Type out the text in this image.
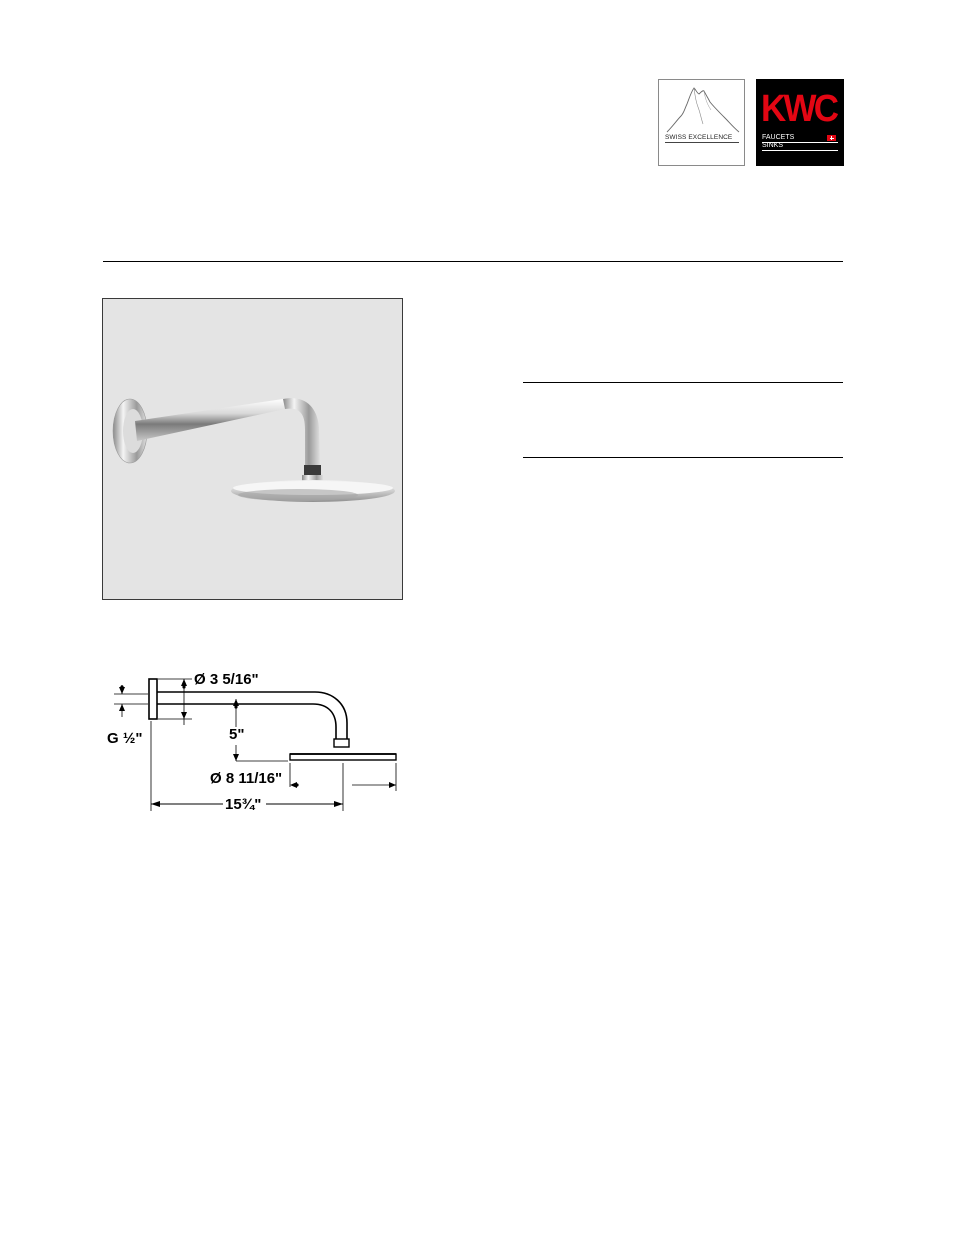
SWISS EXCELLENCE
KWC
FAUCETS
SINKS
G ½"
Ø 3 5/16"
5"
Ø 8 11/16"
15¾"
